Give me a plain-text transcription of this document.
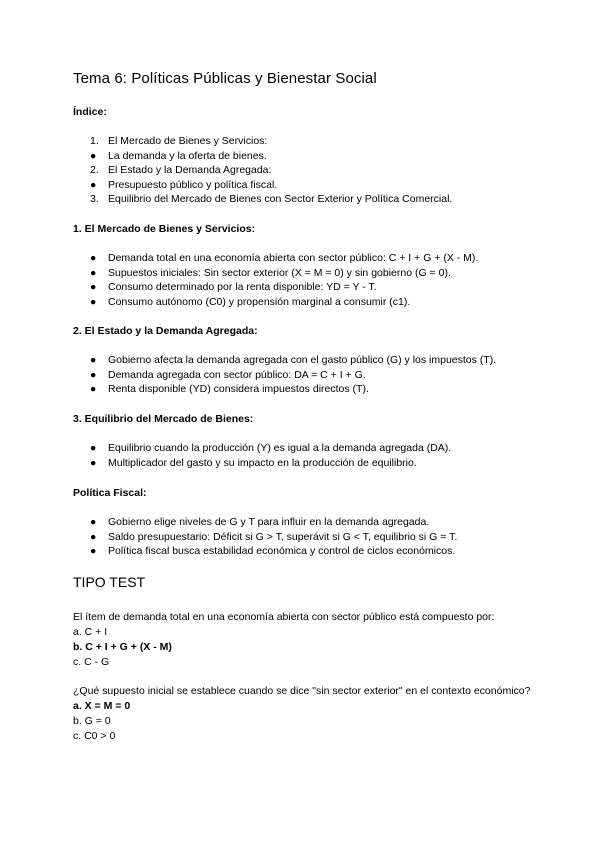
Tema 6: Políticas Públicas y Bienestar Social
Índice:
1. El Mercado de Bienes y Servicios:
●	La demanda y la oferta de bienes.
2. El Estado y la Demanda Agregada:
●	Presupuesto público y política fiscal.
3. Equilibrio del Mercado de Bienes con Sector Exterior y Política Comercial.
1. El Mercado de Bienes y Servicios:
●	Demanda total en una economía abierta con sector público: C + I + G + (X - M).
●	Supuestos iniciales: Sin sector exterior (X = M = 0) y sin gobierno (G = 0).
●	Consumo determinado por la renta disponible: YD = Y - T.
●	Consumo autónomo (C0) y propensión marginal a consumir (c1).
2. El Estado y la Demanda Agregada:
●	Gobierno afecta la demanda agregada con el gasto público (G) y los impuestos (T).
●	Demanda agregada con sector público: DA = C + I + G.
●	Renta disponible (YD) considera impuestos directos (T).
3. Equilibrio del Mercado de Bienes:
●	Equilibrio cuando la producción (Y) es igual a la demanda agregada (DA).
●	Multiplicador del gasto y su impacto en la producción de equilibrio.
Política Fiscal:
●	Gobierno elige niveles de G y T para influir en la demanda agregada.
●	Saldo presupuestario: Déficit si G > T, superávit si G < T, equilibrio si G = T.
●	Política fiscal busca estabilidad económica y control de ciclos económicos.
TIPO TEST
El ítem de demanda total en una economía abierta con sector público está compuesto por:
a. C + I
b. C + I + G + (X - M)
c. C - G
¿Qué supuesto inicial se establece cuando se dice "sin sector exterior" en el contexto económico?
a. X = M = 0
b. G = 0
c. C0 > 0
